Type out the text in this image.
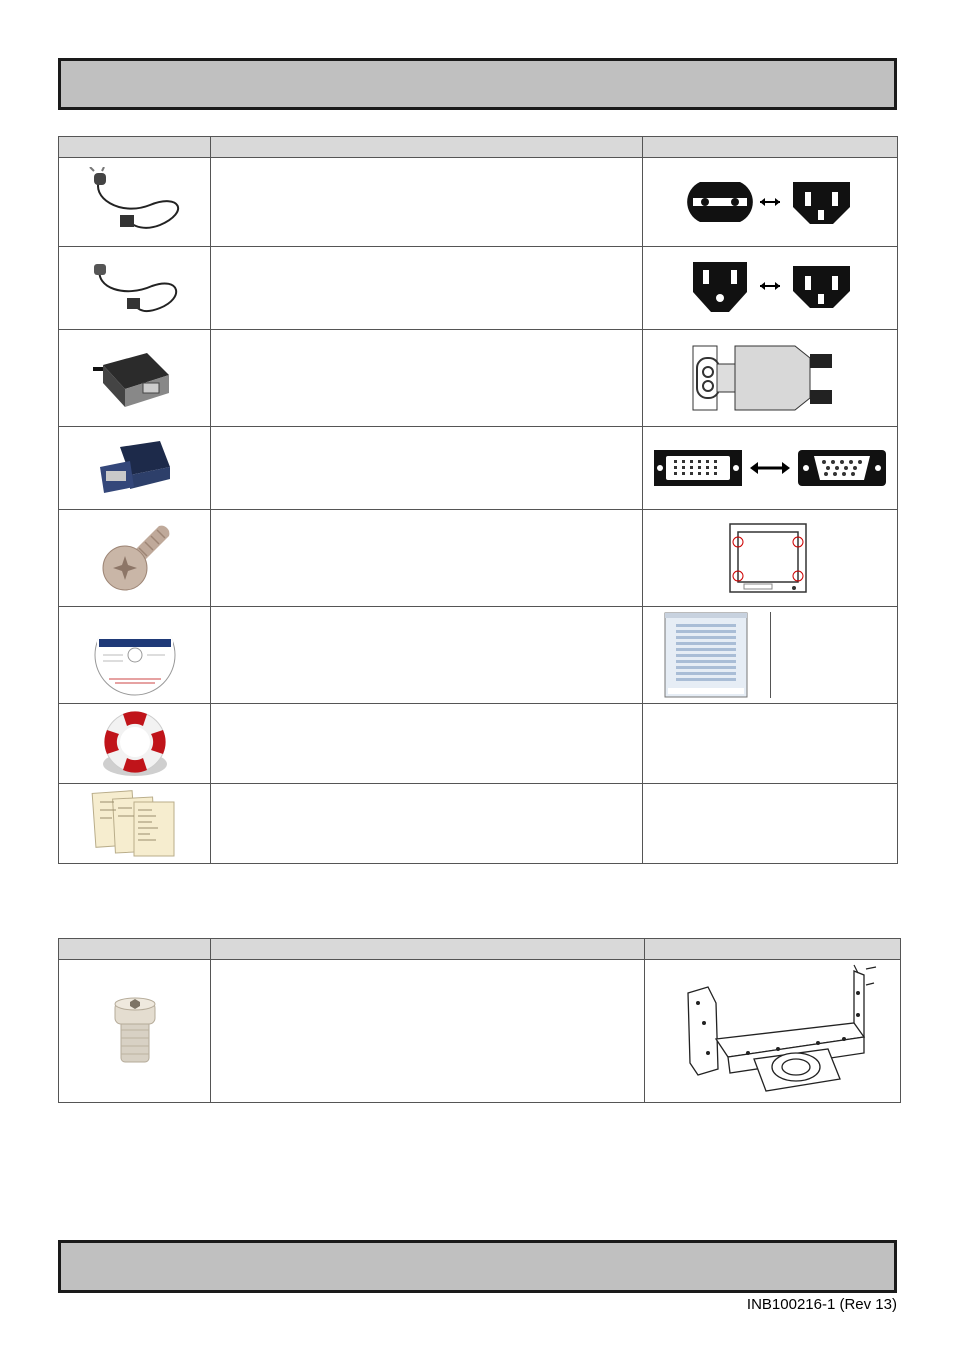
INB100216-1 (Rev 13)
